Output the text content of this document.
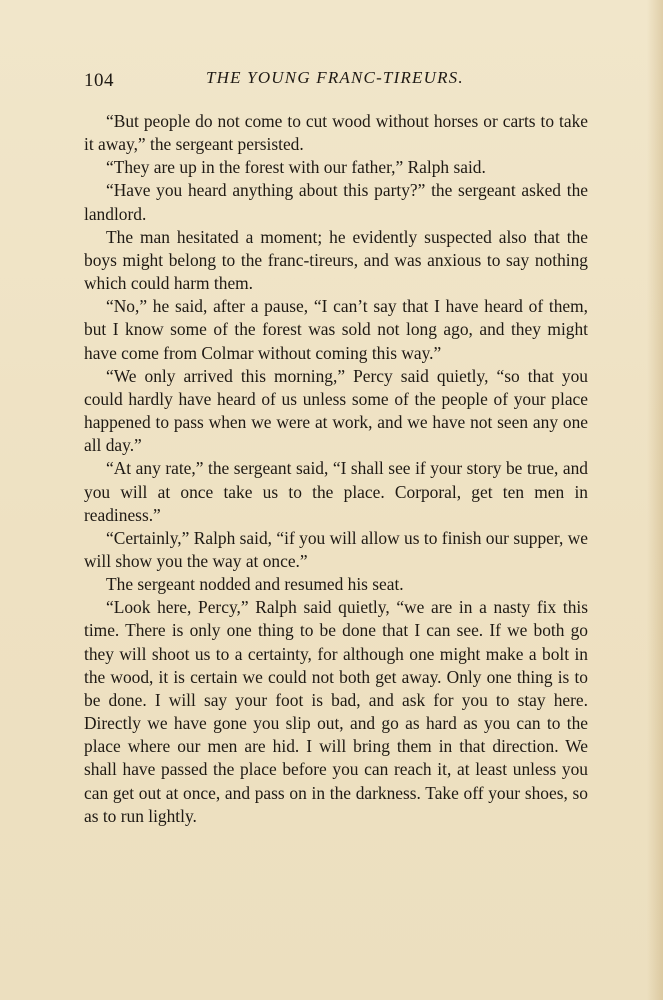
104	THE YOUNG FRANC-TIREURS.

“But people do not come to cut wood without horses or carts to take it away,” the sergeant persisted.

“They are up in the forest with our father,” Ralph said.

“Have you heard anything about this party?” the sergeant asked the landlord.

The man hesitated a moment; he evidently suspected also that the boys might belong to the franc-tireurs, and was anxious to say nothing which could harm them.

“No,” he said, after a pause, “I can’t say that I have heard of them, but I know some of the forest was sold not long ago, and they might have come from Colmar without coming this way.”

“We only arrived this morning,” Percy said quietly, “so that you could hardly have heard of us unless some of the people of your place happened to pass when we were at work, and we have not seen any one all day.”

“At any rate,” the sergeant said, “I shall see if your story be true, and you will at once take us to the place. Corporal, get ten men in readiness.”

“Certainly,” Ralph said, “if you will allow us to finish our supper, we will show you the way at once.”

The sergeant nodded and resumed his seat.

“Look here, Percy,” Ralph said quietly, “we are in a nasty fix this time. There is only one thing to be done that I can see. If we both go they will shoot us to a certainty, for although one might make a bolt in the wood, it is certain we could not both get away. Only one thing is to be done. I will say your foot is bad, and ask for you to stay here. Directly we have gone you slip out, and go as hard as you can to the place where our men are hid. I will bring them in that direction. We shall have passed the place before you can reach it, at least unless you can get out at once, and pass on in the darkness. Take off your shoes, so as to run lightly.
